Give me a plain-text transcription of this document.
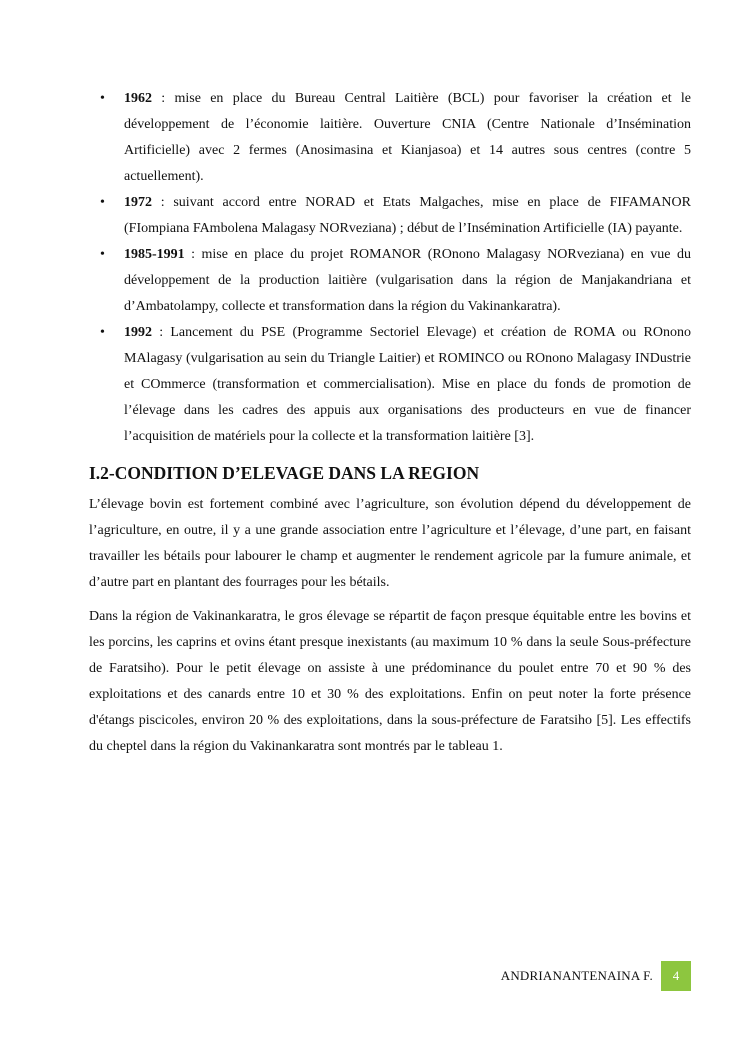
• 1962 : mise en place du Bureau Central Laitière (BCL) pour favoriser la création et le développement de l’économie laitière. Ouverture CNIA (Centre Nationale d’Insémination Artificielle) avec 2 fermes (Anosimasina et Kianjasoa) et 14 autres sous centres (contre 5 actuellement).
• 1972 : suivant accord entre NORAD et Etats Malgaches, mise en place de FIFAMANOR (FIompiana FAmbolena Malagasy NORveziana) ; début de l’Insémination Artificielle (IA) payante.
• 1985-1991 : mise en place du projet ROMANOR (ROnono Malagasy NORveziana) en vue du développement de la production laitière (vulgarisation dans la région de Manjakandriana et d’Ambatolampy, collecte et transformation dans la région du Vakinankaratra).
• 1992 : Lancement du PSE (Programme Sectoriel Elevage) et création de ROMA ou ROnono MAlagasy (vulgarisation au sein du Triangle Laitier) et ROMINCO ou ROnono Malagasy INDustrie et COmmerce (transformation et commercialisation). Mise en place du fonds de promotion de l’élevage dans les cadres des appuis aux organisations des producteurs en vue de financer l’acquisition de matériels pour la collecte et la transformation laitière [3].
I.2-CONDITION D’ELEVAGE DANS LA REGION

L’élevage bovin est fortement combiné avec l’agriculture, son évolution dépend du développement de l’agriculture, en outre, il y a une grande association entre l’agriculture et l’élevage, d’une part, en faisant travailler les bétails pour labourer le champ et augmenter le rendement agricole par la fumure animale, et d’autre part en plantant des fourrages pour les bétails.

Dans la région de Vakinankaratra, le gros élevage se répartit de façon presque équitable entre les bovins et les porcins, les caprins et ovins étant presque inexistants (au maximum 10 % dans la seule Sous-préfecture de Faratsiho). Pour le petit élevage on assiste à une prédominance du poulet entre 70 et 90 % des exploitations et des canards entre 10 et 30 % des exploitations. Enfin on peut noter la forte présence d'étangs piscicoles, environ 20 % des exploitations, dans la sous-préfecture de Faratsiho [5]. Les effectifs du cheptel dans la région du Vakinankaratra sont montrés par le tableau 1.

ANDRIANANTENAINA F.	4
